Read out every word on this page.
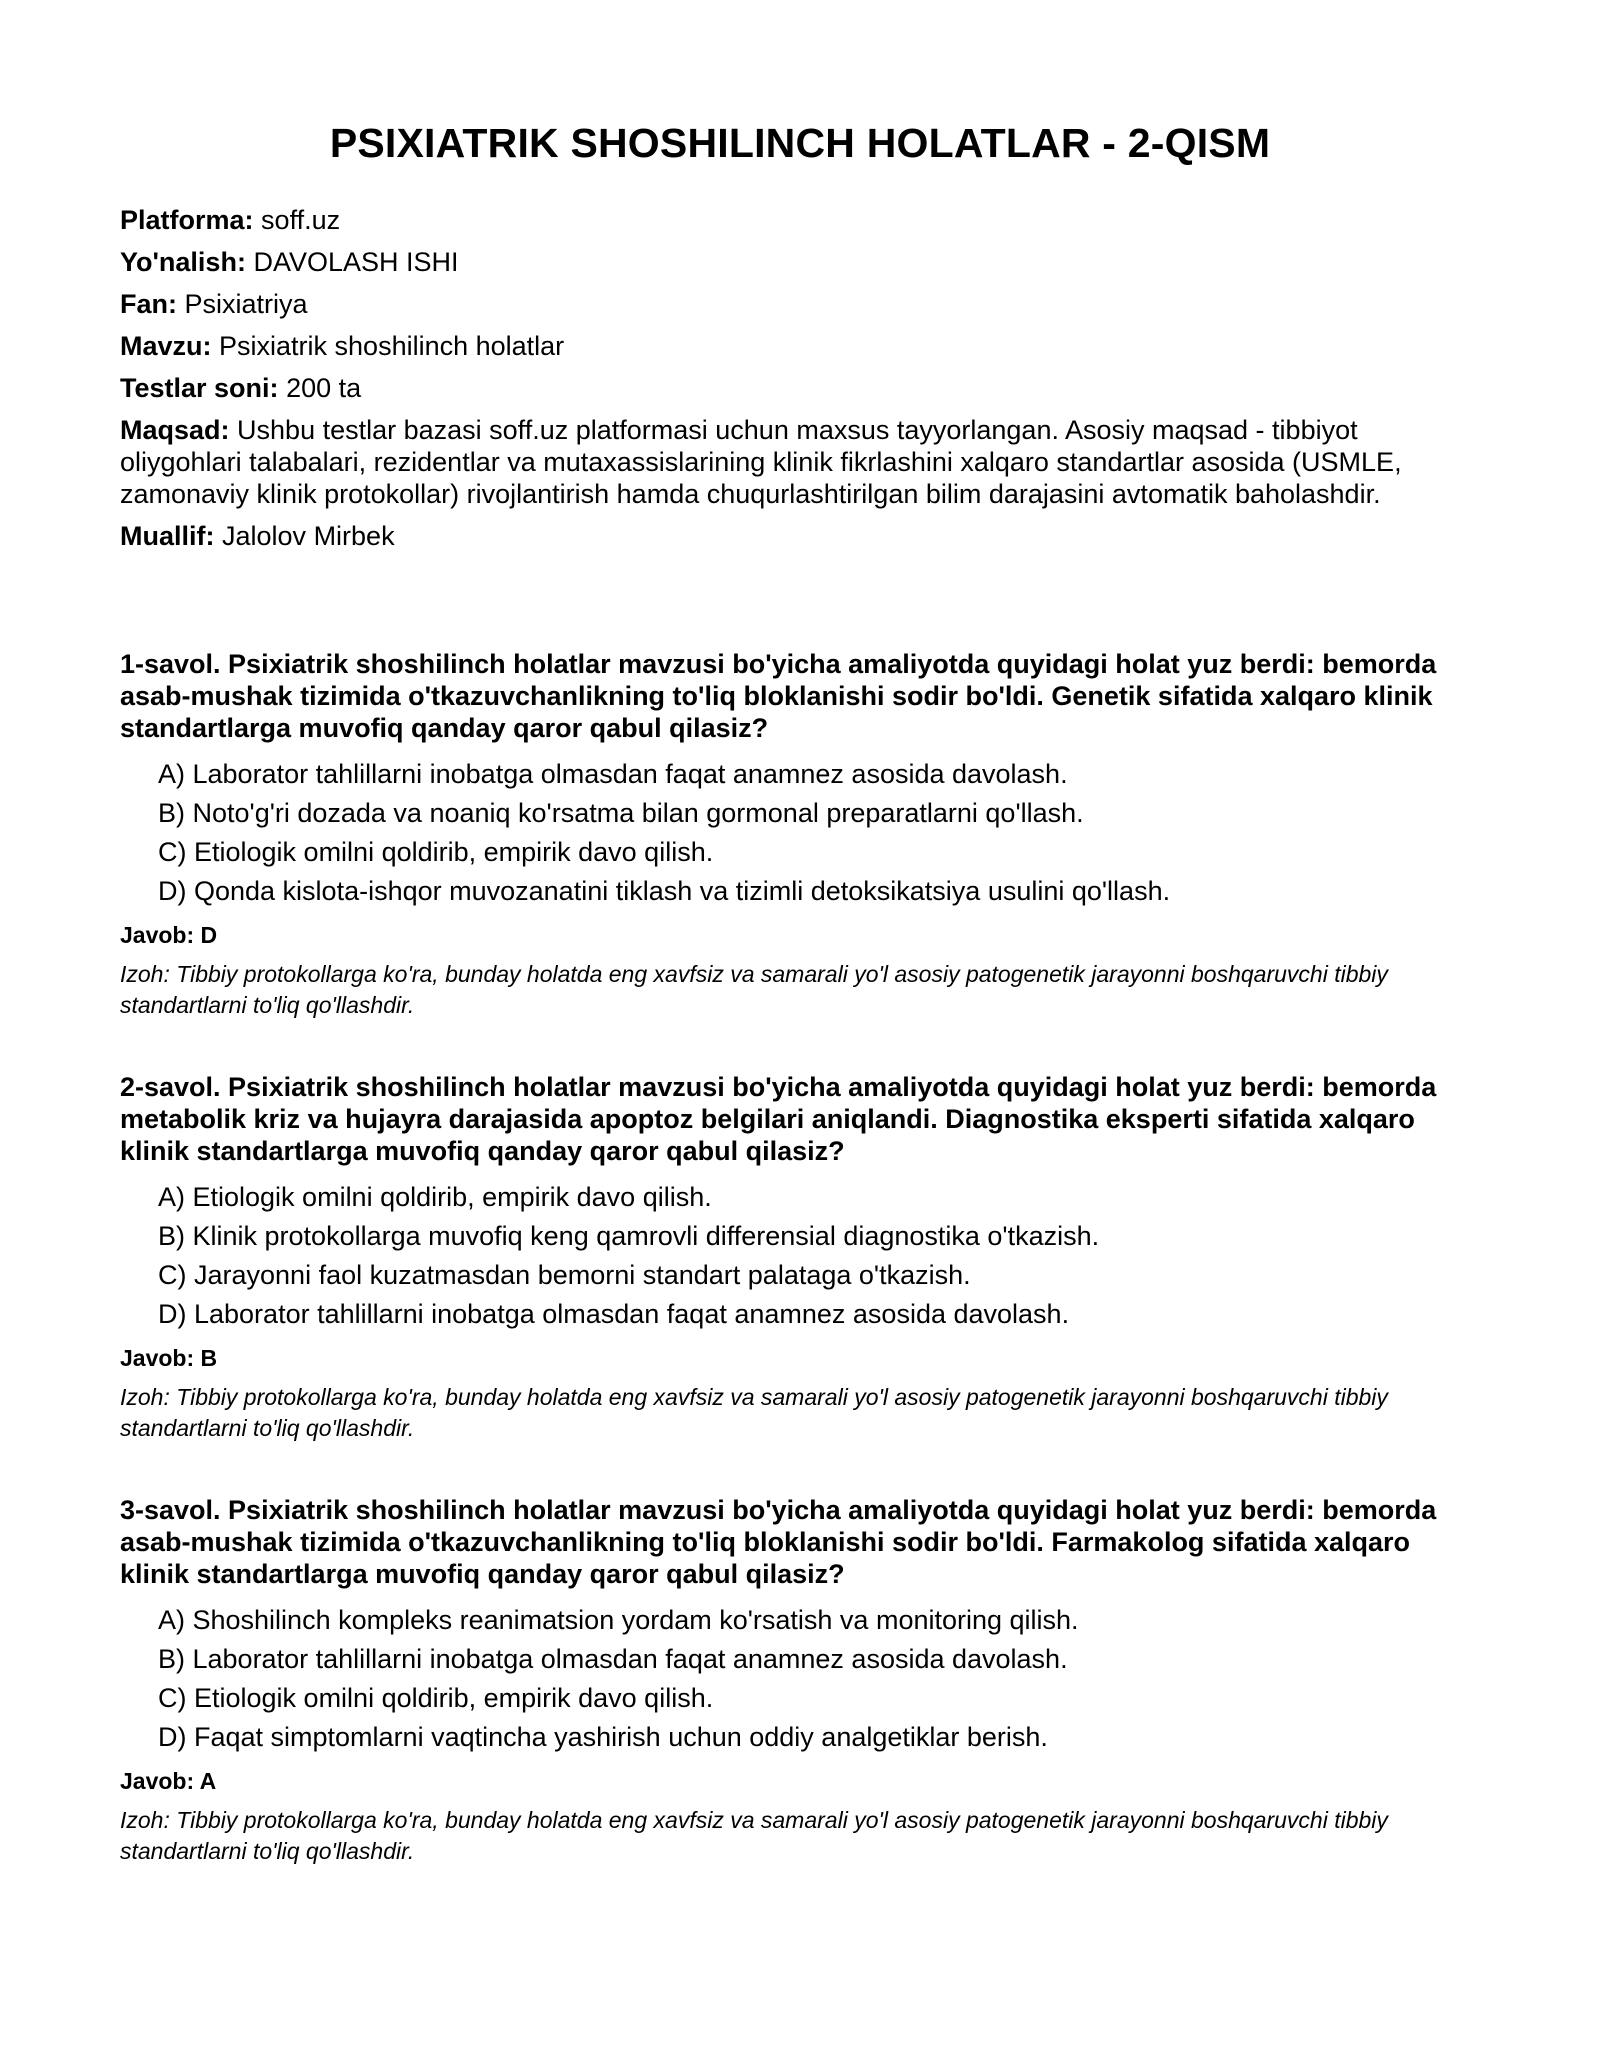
PSIXIATRIK SHOSHILINCH HOLATLAR - 2-QISM

Platforma: soff.uz

Yo'nalish: DAVOLASH ISHI

Fan: Psixiatriya

Mavzu: Psixiatrik shoshilinch holatlar

Testlar soni: 200 ta

Maqsad: Ushbu testlar bazasi soff.uz platformasi uchun maxsus tayyorlangan. Asosiy maqsad - tibbiyot oliygohlari talabalari, rezidentlar va mutaxassislarining klinik fikrlashini xalqaro standartlar asosida (USMLE, zamonaviy klinik protokollar) rivojlantirish hamda chuqurlashtirilgan bilim darajasini avtomatik baholashdir.

Muallif: Jalolov Mirbek

1-savol. Psixiatrik shoshilinch holatlar mavzusi bo'yicha amaliyotda quyidagi holat yuz berdi: bemorda asab-mushak tizimida o'tkazuvchanlikning to'liq bloklanishi sodir bo'ldi. Genetik sifatida xalqaro klinik standartlarga muvofiq qanday qaror qabul qilasiz?

A) Laborator tahlillarni inobatga olmasdan faqat anamnez asosida davolash.
B) Noto'g'ri dozada va noaniq ko'rsatma bilan gormonal preparatlarni qo'llash.
C) Etiologik omilni qoldirib, empirik davo qilish.
D) Qonda kislota-ishqor muvozanatini tiklash va tizimli detoksikatsiya usulini qo'llash.

Javob: D

Izoh: Tibbiy protokollarga ko'ra, bunday holatda eng xavfsiz va samarali yo'l asosiy patogenetik jarayonni boshqaruvchi tibbiy standartlarni to'liq qo'llashdir.

2-savol. Psixiatrik shoshilinch holatlar mavzusi bo'yicha amaliyotda quyidagi holat yuz berdi: bemorda metabolik kriz va hujayra darajasida apoptoz belgilari aniqlandi. Diagnostika eksperti sifatida xalqaro klinik standartlarga muvofiq qanday qaror qabul qilasiz?

A) Etiologik omilni qoldirib, empirik davo qilish.
B) Klinik protokollarga muvofiq keng qamrovli differensial diagnostika o'tkazish.
C) Jarayonni faol kuzatmasdan bemorni standart palataga o'tkazish.
D) Laborator tahlillarni inobatga olmasdan faqat anamnez asosida davolash.

Javob: B

Izoh: Tibbiy protokollarga ko'ra, bunday holatda eng xavfsiz va samarali yo'l asosiy patogenetik jarayonni boshqaruvchi tibbiy standartlarni to'liq qo'llashdir.

3-savol. Psixiatrik shoshilinch holatlar mavzusi bo'yicha amaliyotda quyidagi holat yuz berdi: bemorda asab-mushak tizimida o'tkazuvchanlikning to'liq bloklanishi sodir bo'ldi. Farmakolog sifatida xalqaro klinik standartlarga muvofiq qanday qaror qabul qilasiz?

A) Shoshilinch kompleks reanimatsion yordam ko'rsatish va monitoring qilish.
B) Laborator tahlillarni inobatga olmasdan faqat anamnez asosida davolash.
C) Etiologik omilni qoldirib, empirik davo qilish.
D) Faqat simptomlarni vaqtincha yashirish uchun oddiy analgetiklar berish.

Javob: A

Izoh: Tibbiy protokollarga ko'ra, bunday holatda eng xavfsiz va samarali yo'l asosiy patogenetik jarayonni boshqaruvchi tibbiy standartlarni to'liq qo'llashdir.
